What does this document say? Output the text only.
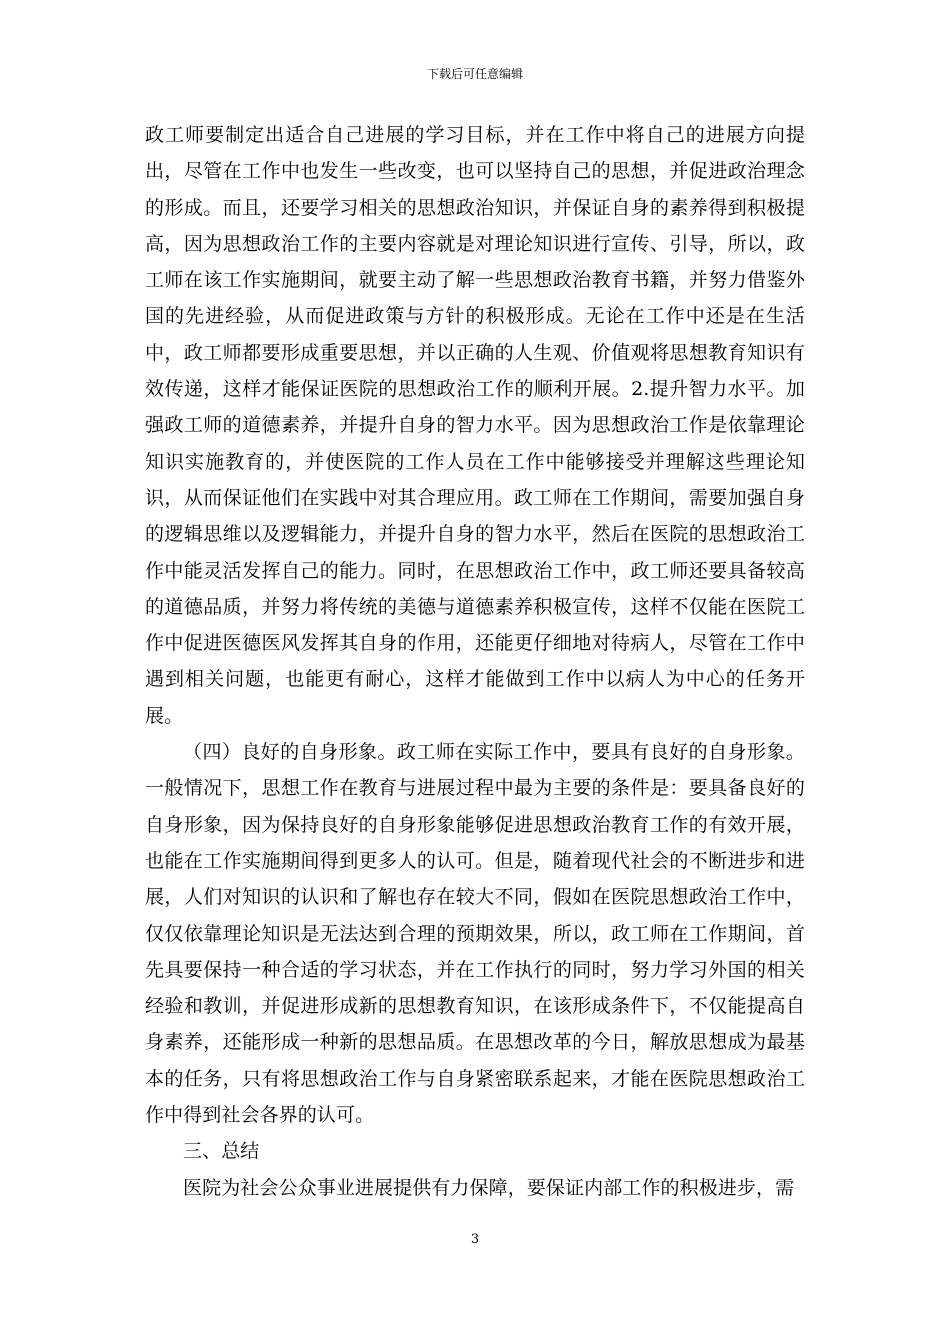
下载后可任意编辑

政工师要制定出适合自己进展的学习目标，并在工作中将自己的进展方向提出，尽管在工作中也发生一些改变，也可以坚持自己的思想，并促进政治理念的形成。而且，还要学习相关的思想政治知识，并保证自身的素养得到积极提高，因为思想政治工作的主要内容就是对理论知识进行宣传、引导，所以，政工师在该工作实施期间，就要主动了解一些思想政治教育书籍，并努力借鉴外国的先进经验，从而促进政策与方针的积极形成。无论在工作中还是在生活中，政工师都要形成重要思想，并以正确的人生观、价值观将思想教育知识有效传递，这样才能保证医院的思想政治工作的顺利开展。2.提升智力水平。加强政工师的道德素养，并提升自身的智力水平。因为思想政治工作是依靠理论知识实施教育的，并使医院的工作人员在工作中能够接受并理解这些理论知识，从而保证他们在实践中对其合理应用。政工师在工作期间，需要加强自身的逻辑思维以及逻辑能力，并提升自身的智力水平，然后在医院的思想政治工作中能灵活发挥自己的能力。同时，在思想政治工作中，政工师还要具备较高的道德品质，并努力将传统的美德与道德素养积极宣传，这样不仅能在医院工作中促进医德医风发挥其自身的作用，还能更仔细地对待病人，尽管在工作中遇到相关问题，也能更有耐心，这样才能做到工作中以病人为中心的任务开展。

（四）良好的自身形象。政工师在实际工作中，要具有良好的自身形象。一般情况下，思想工作在教育与进展过程中最为主要的条件是：要具备良好的自身形象，因为保持良好的自身形象能够促进思想政治教育工作的有效开展，也能在工作实施期间得到更多人的认可。但是，随着现代社会的不断进步和进展，人们对知识的认识和了解也存在较大不同，假如在医院思想政治工作中，仅仅依靠理论知识是无法达到合理的预期效果，所以，政工师在工作期间，首先具要保持一种合适的学习状态，并在工作执行的同时，努力学习外国的相关经验和教训，并促进形成新的思想教育知识，在该形成条件下，不仅能提高自身素养，还能形成一种新的思想品质。在思想改革的今日，解放思想成为最基本的任务，只有将思想政治工作与自身紧密联系起来，才能在医院思想政治工作中得到社会各界的认可。

三、总结

医院为社会公众事业进展提供有力保障，要保证内部工作的积极进步，需

3
